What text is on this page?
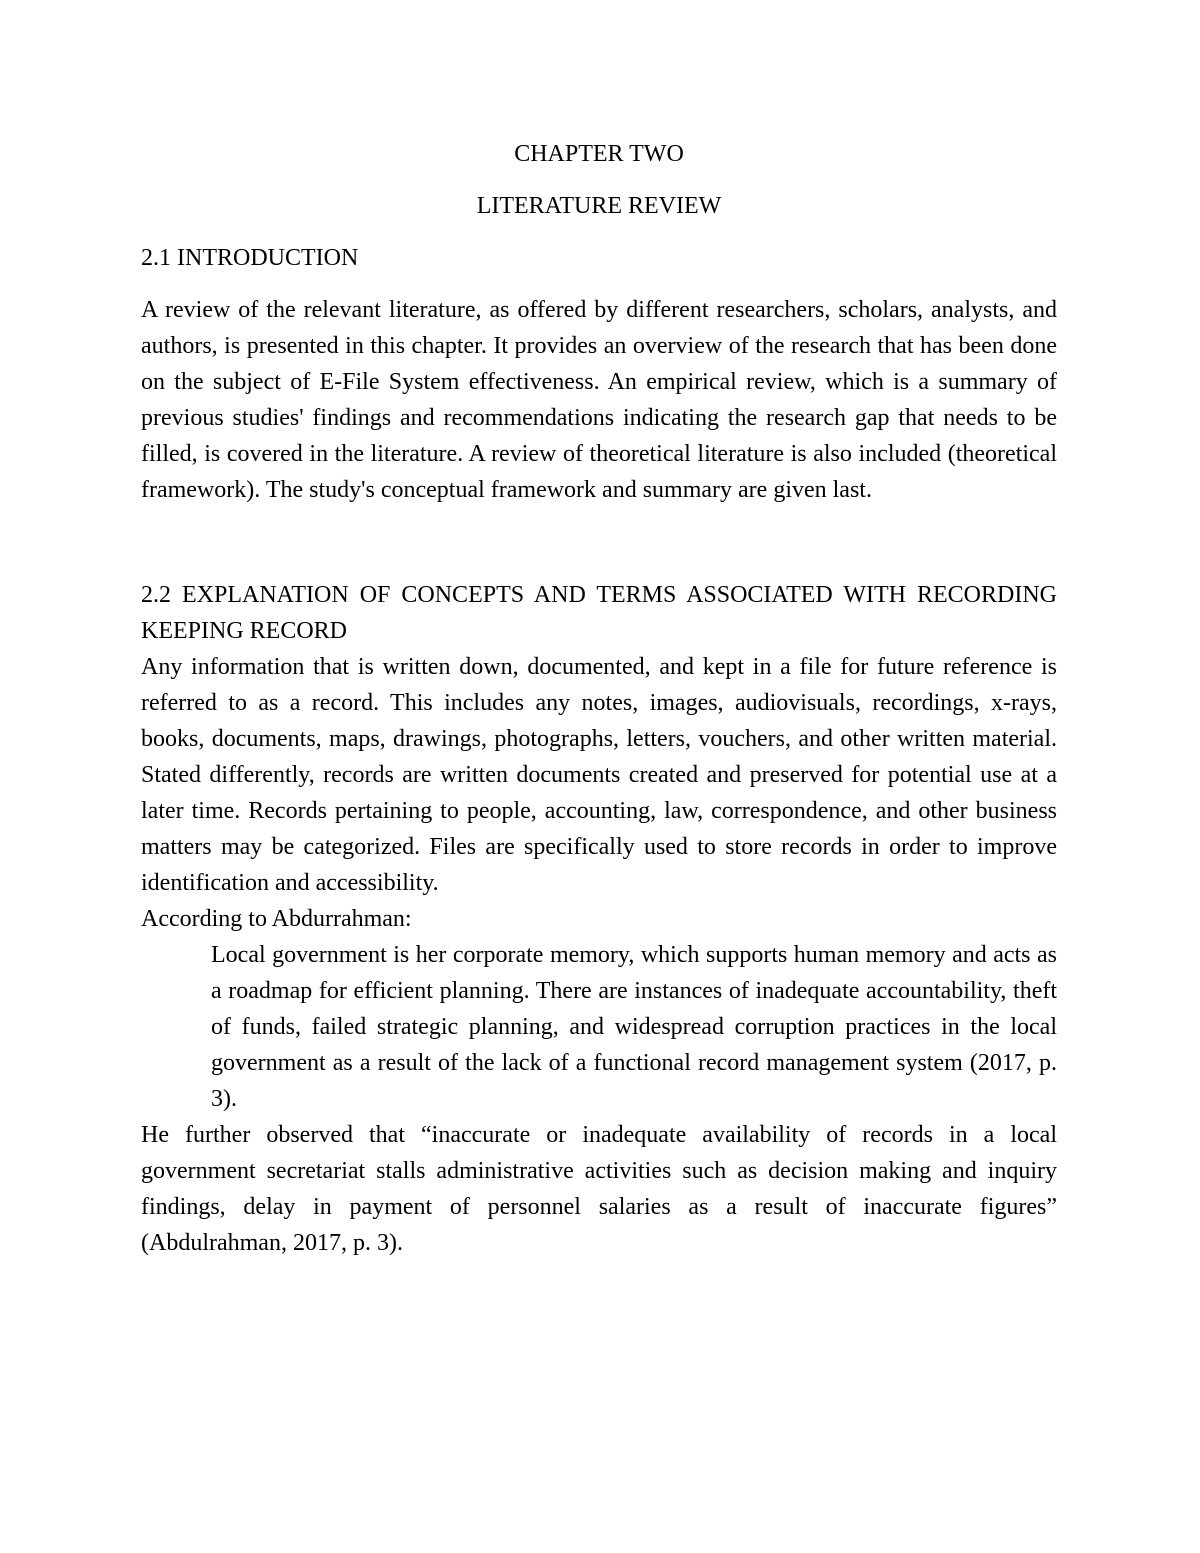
CHAPTER TWO

LITERATURE REVIEW

2.1 INTRODUCTION

A review of the relevant literature, as offered by different researchers, scholars, analysts, and authors, is presented in this chapter. It provides an overview of the research that has been done on the subject of E-File System effectiveness. An empirical review, which is a summary of previous studies' findings and recommendations indicating the research gap that needs to be filled, is covered in the literature. A review of theoretical literature is also included (theoretical framework). The study's conceptual framework and summary are given last.

2.2 EXPLANATION OF CONCEPTS AND TERMS ASSOCIATED WITH RECORDING KEEPING RECORD

Any information that is written down, documented, and kept in a file for future reference is referred to as a record. This includes any notes, images, audiovisuals, recordings, x-rays, books, documents, maps, drawings, photographs, letters, vouchers, and other written material. Stated differently, records are written documents created and preserved for potential use at a later time. Records pertaining to people, accounting, law, correspondence, and other business matters may be categorized. Files are specifically used to store records in order to improve identification and accessibility.

According to Abdurrahman:

Local government is her corporate memory, which supports human memory and acts as a roadmap for efficient planning. There are instances of inadequate accountability, theft of funds, failed strategic planning, and widespread corruption practices in the local government as a result of the lack of a functional record management system (2017, p. 3).

He further observed that “inaccurate or inadequate availability of records in a local government secretariat stalls administrative activities such as decision making and inquiry findings, delay in payment of personnel salaries as a result of inaccurate figures” (Abdulrahman, 2017, p. 3).
